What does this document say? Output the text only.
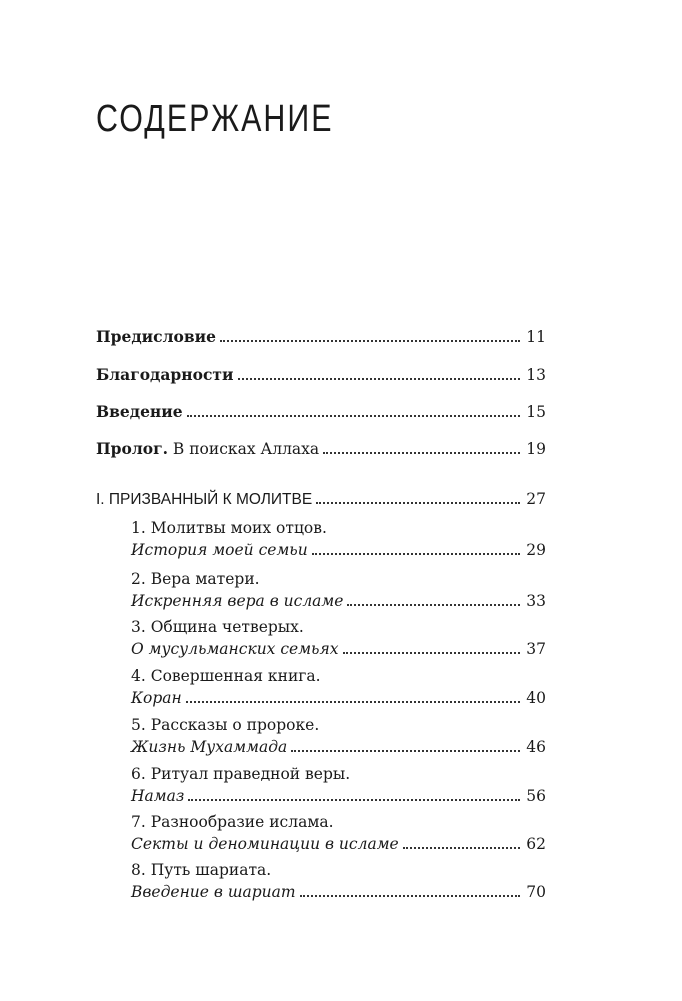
СОДЕРЖАНИЕ
Предисловие	11
Благодарности	13
Введение	15
Пролог. В поисках Аллаха	19
I. ПРИЗВАННЫЙ К МОЛИТВЕ	27
1. Молитвы моих отцов.
История моей семьи	29
2. Вера матери.
Искренняя вера в исламе	33
3. Община четверых.
О мусульманских семьях	37
4. Совершенная книга.
Коран	40
5. Рассказы о пророке.
Жизнь Мухаммада	46
6. Ритуал праведной веры.
Намаз	56
7. Разнообразие ислама.
Секты и деноминации в исламе	62
8. Путь шариата.
Введение в шариат	70
